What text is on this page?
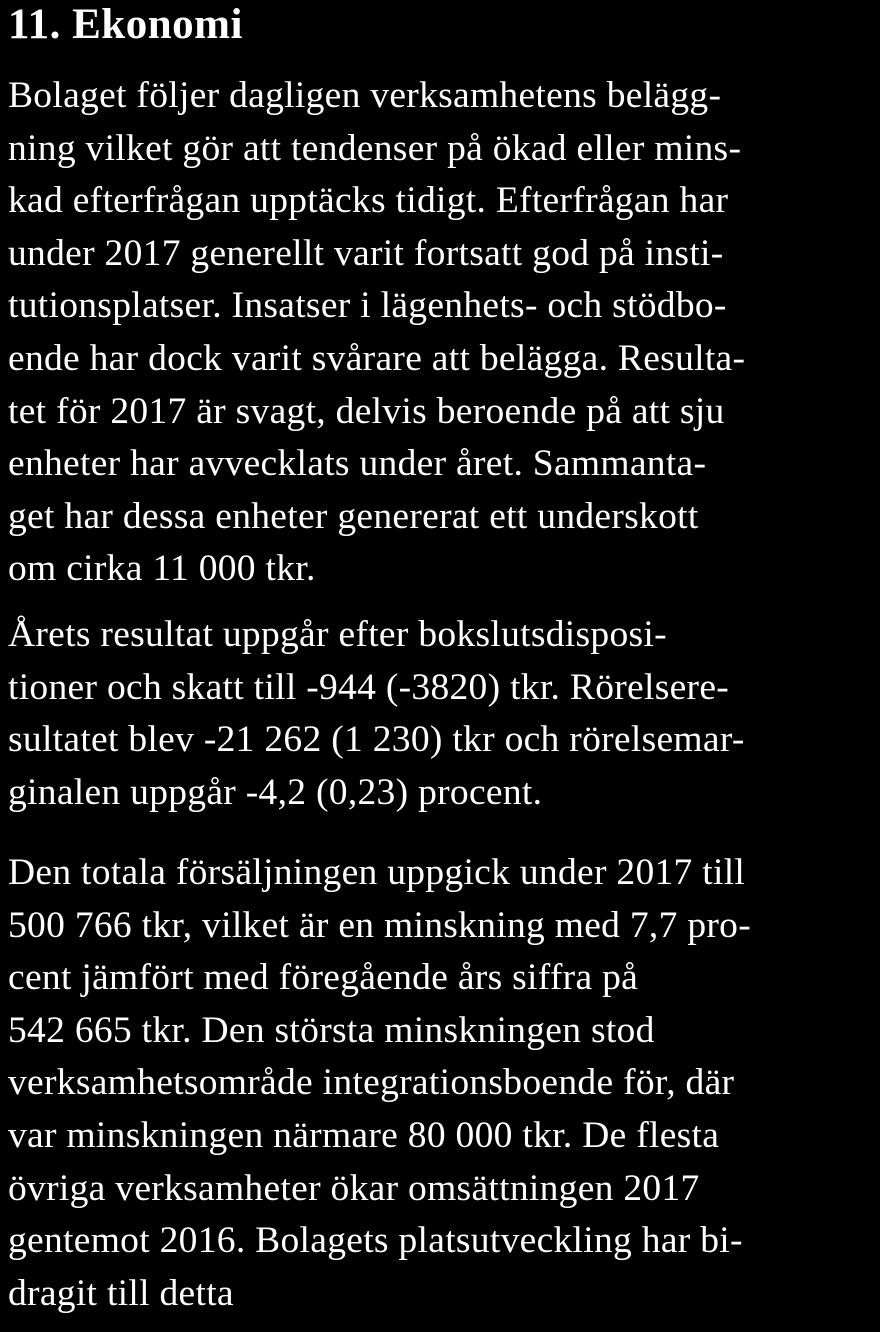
11. Ekonomi

Bolaget följer dagligen verksamhetens belägg-
ning vilket gör att tendenser på ökad eller mins-
kad efterfrågan upptäcks tidigt. Efterfrågan har
under 2017 generellt varit fortsatt god på insti-
tutionsplatser. Insatser i lägenhets- och stödbo-
ende har dock varit svårare att belägga. Resulta-
tet för 2017 är svagt, delvis beroende på att sju
enheter har avvecklats under året. Sammanta-
get har dessa enheter genererat ett underskott
om cirka 11 000 tkr.

Årets resultat uppgår efter bokslutsdisposi-
tioner och skatt till -944 (-3820) tkr. Rörelsere-
sultatet blev -21 262 (1 230) tkr och rörelsemar-
ginalen uppgår -4,2 (0,23) procent.

Den totala försäljningen uppgick under 2017 till
500 766 tkr, vilket är en minskning med 7,7 pro-
cent jämfört med föregående års siffra på
542 665 tkr. Den största minskningen stod
verksamhetsområde integrationsboende för, där
var minskningen närmare 80 000 tkr. De flesta
övriga verksamheter ökar omsättningen 2017
gentemot 2016. Bolagets platsutveckling har bi-
dragit till detta
